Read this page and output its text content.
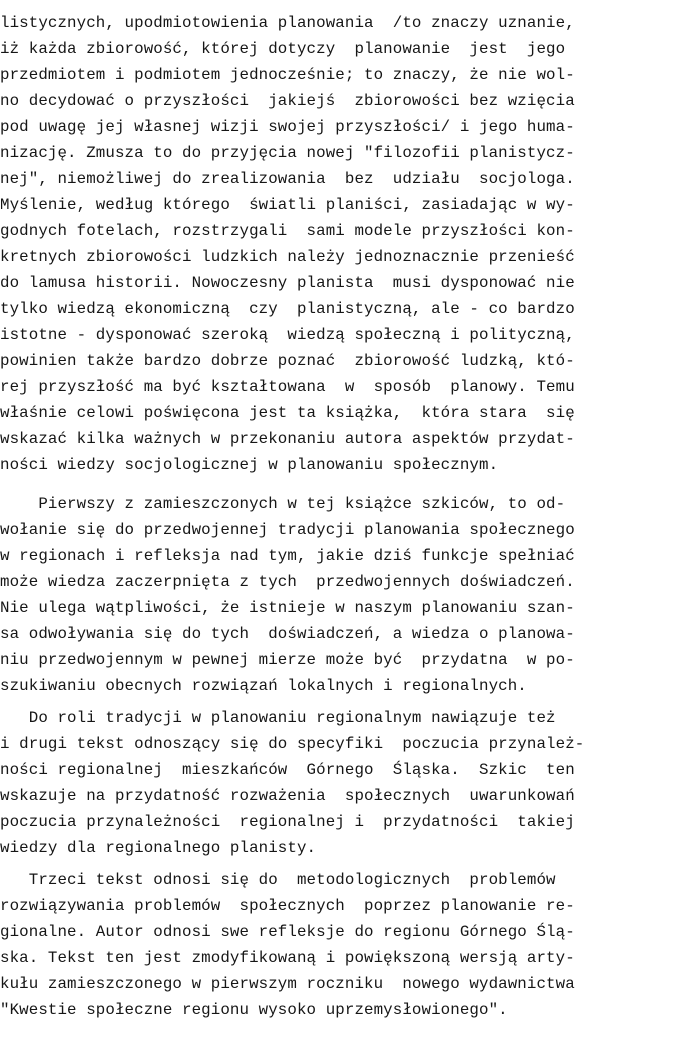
listycznych, upodmiotowienia planowania  /to znaczy uznanie,
iż każda zbiorowość, której dotyczy  planowanie  jest  jego
przedmiotem i podmiotem jednocześnie; to znaczy, że nie wol-
no decydować o przyszłości  jakiejś  zbiorowości bez wzięcia
pod uwagę jej własnej wizji swojej przyszłości/ i jego huma-
nizację. Zmusza to do przyjęcia nowej "filozofii planistycz-
nej", niemożliwej do zrealizowania  bez  udziału  socjologa.
Myślenie, według którego  światli planiści, zasiadając w wy-
godnych fotelach, rozstrzygali  sami modele przyszłości kon-
kretnych zbiorowości ludzkich należy jednoznacznie przenieść
do lamusa historii. Nowoczesny planista  musi dysponować nie
tylko wiedzą ekonomiczną  czy  planistyczną, ale - co bardzo
istotne - dysponować szeroką  wiedzą społeczną i polityczną,
powinien także bardzo dobrze poznać  zbiorowość ludzką, któ-
rej przyszłość ma być kształtowana  w  sposób  planowy. Temu
właśnie celowi poświęcona jest ta książka,  która stara  się
wskazać kilka ważnych w przekonaniu autora aspektów przydat-
ności wiedzy socjologicznej w planowaniu społecznym.
Pierwszy z zamieszczonych w tej książce szkiców, to od-
wołanie się do przedwojennej tradycji planowania społecznego
w regionach i refleksja nad tym, jakie dziś funkcje spełniać
może wiedza zaczerpnięta z tych  przedwojennych doświadczeń.
Nie ulega wątpliwości, że istnieje w naszym planowaniu szan-
sa odwoływania się do tych  doświadczeń, a wiedza o planowa-
niu przedwojennym w pewnej mierze może być  przydatna  w po-
szukiwaniu obecnych rozwiązań lokalnych i regionalnych.
Do roli tradycji w planowaniu regionalnym nawiązuje też
i drugi tekst odnoszący się do specyfiki  poczucia przynależ-
ności regionalnej  mieszkańców  Górnego  Śląska.  Szkic  ten
wskazuje na przydatność rozważenia  społecznych  uwarunkowań
poczucia przynależności  regionalnej i  przydatności  takiej
wiedzy dla regionalnego planisty.
Trzeci tekst odnosi się do  metodologicznych  problemów
rozwiązywania problemów  społecznych  poprzez planowanie re-
gionalne. Autor odnosi swe refleksje do regionu Górnego Ślą-
ska. Tekst ten jest zmodyfikowaną i powiększoną wersją arty-
kułu zamieszczonego w pierwszym roczniku  nowego wydawnictwa
"Kwestie społeczne regionu wysoko uprzemysłowionego".
